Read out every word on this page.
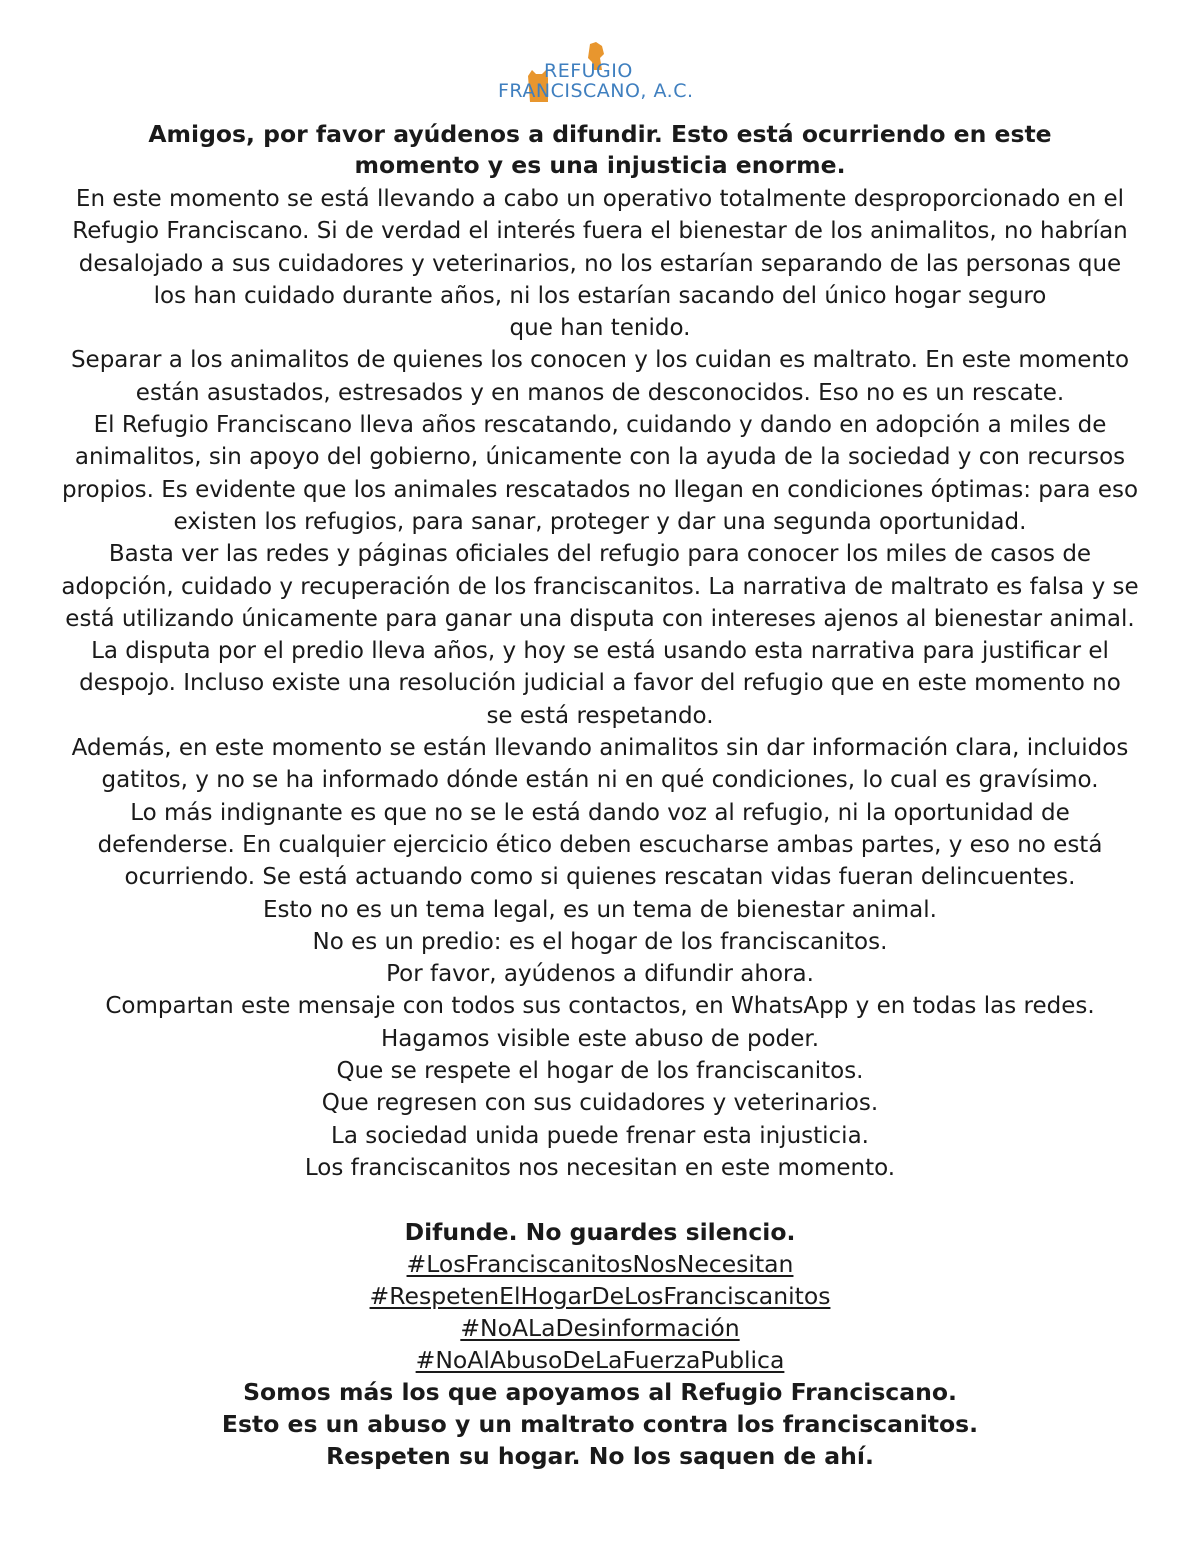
REFUGIO
FRANCISCANO, A.C.
Amigos, por favor ayúdenos a difundir. Esto está ocurriendo en este
momento y es una injusticia enorme.
En este momento se está llevando a cabo un operativo totalmente desproporcionado en el
Refugio Franciscano. Si de verdad el interés fuera el bienestar de los animalitos, no habrían
desalojado a sus cuidadores y veterinarios, no los estarían separando de las personas que
los han cuidado durante años, ni los estarían sacando del único hogar seguro
que han tenido.
Separar a los animalitos de quienes los conocen y los cuidan es maltrato. En este momento
están asustados, estresados y en manos de desconocidos. Eso no es un rescate.
El Refugio Franciscano lleva años rescatando, cuidando y dando en adopción a miles de
animalitos, sin apoyo del gobierno, únicamente con la ayuda de la sociedad y con recursos
propios. Es evidente que los animales rescatados no llegan en condiciones óptimas: para eso
existen los refugios, para sanar, proteger y dar una segunda oportunidad.
Basta ver las redes y páginas oficiales del refugio para conocer los miles de casos de
adopción, cuidado y recuperación de los franciscanitos. La narrativa de maltrato es falsa y se
está utilizando únicamente para ganar una disputa con intereses ajenos al bienestar animal.
La disputa por el predio lleva años, y hoy se está usando esta narrativa para justificar el
despojo. Incluso existe una resolución judicial a favor del refugio que en este momento no
se está respetando.
Además, en este momento se están llevando animalitos sin dar información clara, incluidos
gatitos, y no se ha informado dónde están ni en qué condiciones, lo cual es gravísimo.
Lo más indignante es que no se le está dando voz al refugio, ni la oportunidad de
defenderse. En cualquier ejercicio ético deben escucharse ambas partes, y eso no está
ocurriendo. Se está actuando como si quienes rescatan vidas fueran delincuentes.
Esto no es un tema legal, es un tema de bienestar animal.
No es un predio: es el hogar de los franciscanitos.
Por favor, ayúdenos a difundir ahora.
Compartan este mensaje con todos sus contactos, en WhatsApp y en todas las redes.
Hagamos visible este abuso de poder.
Que se respete el hogar de los franciscanitos.
Que regresen con sus cuidadores y veterinarios.
La sociedad unida puede frenar esta injusticia.
Los franciscanitos nos necesitan en este momento.
Difunde. No guardes silencio.
#LosFranciscanitosNosNecesitan
#RespetenElHogarDeLosFranciscanitos
#NoALaDesinformación
#NoAlAbusoDeLaFuerzaPublica
Somos más los que apoyamos al Refugio Franciscano.
Esto es un abuso y un maltrato contra los franciscanitos.
Respeten su hogar. No los saquen de ahí.
